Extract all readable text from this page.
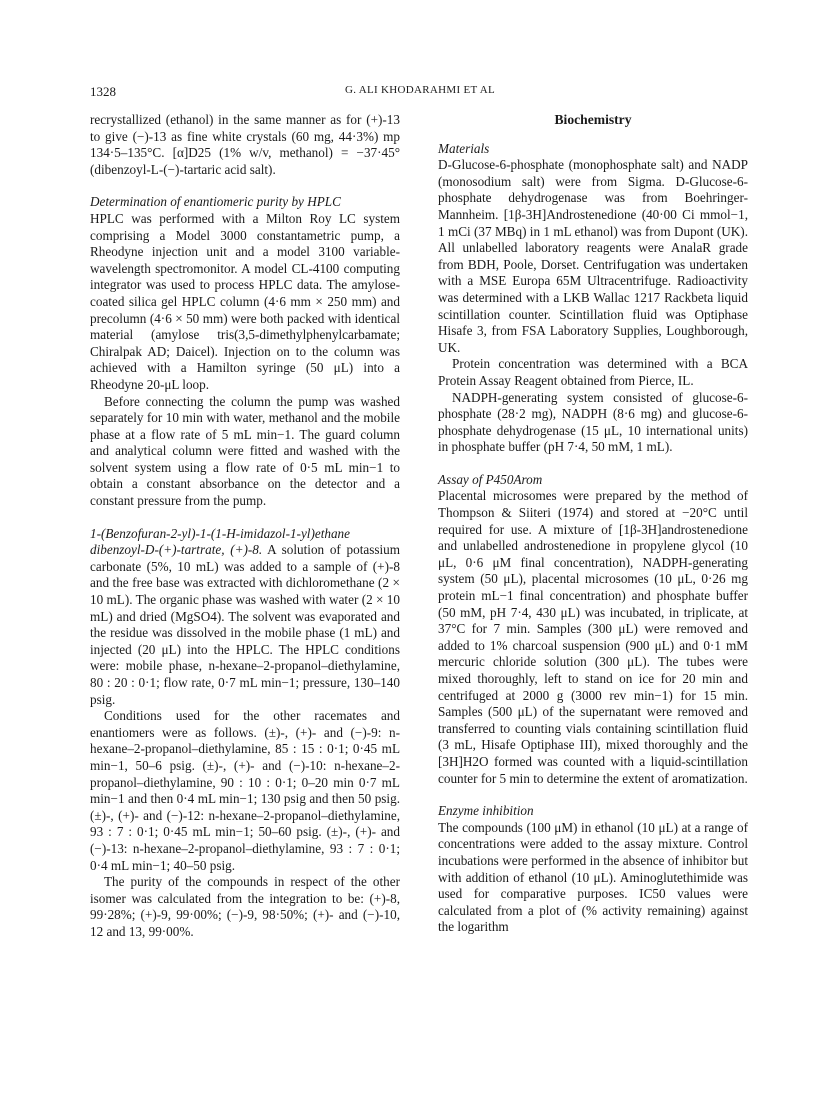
1328	G. ALI KHODARAHMI ET AL

recrystallized (ethanol) in the same manner as for (+)-13 to give (−)-13 as fine white crystals (60 mg, 44·3%) mp 134·5–135°C. [α]D25 (1% w/v, methanol) = −37·45° (dibenzoyl-L-(−)-tartaric acid salt).

Determination of enantiomeric purity by HPLC

HPLC was performed with a Milton Roy LC system comprising a Model 3000 constantametric pump, a Rheodyne injection unit and a model 3100 variable-wavelength spectromonitor. A model CL-4100 computing integrator was used to process HPLC data. The amylose-coated silica gel HPLC column (4·6 mm × 250 mm) and precolumn (4·6 × 50 mm) were both packed with identical material (amylose tris(3,5-dimethylphenylcarbamate; Chiralpak AD; Daicel). Injection on to the column was achieved with a Hamilton syringe (50 μL) into a Rheodyne 20-μL loop.

Before connecting the column the pump was washed separately for 10 min with water, methanol and the mobile phase at a flow rate of 5 mL min−1. The guard column and analytical column were fitted and washed with the solvent system using a flow rate of 0·5 mL min−1 to obtain a constant absorbance on the detector and a constant pressure from the pump.

1-(Benzofuran-2-yl)-1-(1-H-imidazol-1-yl)ethane dibenzoyl-D-(+)-tartrate, (+)-8. A solution of potassium carbonate (5%, 10 mL) was added to a sample of (+)-8 and the free base was extracted with dichloromethane (2 × 10 mL). The organic phase was washed with water (2 × 10 mL) and dried (MgSO4). The solvent was evaporated and the residue was dissolved in the mobile phase (1 mL) and injected (20 μL) into the HPLC. The HPLC conditions were: mobile phase, n-hexane–2-propanol–diethylamine, 80 : 20 : 0·1; flow rate, 0·7 mL min−1; pressure, 130–140 psig.

Conditions used for the other racemates and enantiomers were as follows. (±)-, (+)- and (−)-9: n-hexane–2-propanol–diethylamine, 85 : 15 : 0·1; 0·45 mL min−1, 50–6 psig. (±)-, (+)- and (−)-10: n-hexane–2-propanol–diethylamine, 90 : 10 : 0·1; 0–20 min 0·7 mL min−1 and then 0·4 mL min−1; 130 psig and then 50 psig. (±)-, (+)- and (−)-12: n-hexane–2-propanol–diethylamine, 93 : 7 : 0·1; 0·45 mL min−1; 50–60 psig. (±)-, (+)- and (−)-13: n-hexane–2-propanol–diethylamine, 93 : 7 : 0·1; 0·4 mL min−1; 40–50 psig.

The purity of the compounds in respect of the other isomer was calculated from the integration to be: (+)-8, 99·28%; (+)-9, 99·00%; (−)-9, 98·50%; (+)- and (−)-10, 12 and 13, 99·00%.

Biochemistry

Materials

D-Glucose-6-phosphate (monophosphate salt) and NADP (monosodium salt) were from Sigma. D-Glucose-6-phosphate dehydrogenase was from Boehringer-Mannheim. [1β-3H]Androstenedione (40·00 Ci mmol−1, 1 mCi (37 MBq) in 1 mL ethanol) was from Dupont (UK). All unlabelled laboratory reagents were AnalaR grade from BDH, Poole, Dorset. Centrifugation was undertaken with a MSE Europa 65M Ultracentrifuge. Radioactivity was determined with a LKB Wallac 1217 Rackbeta liquid scintillation counter. Scintillation fluid was Optiphase Hisafe 3, from FSA Laboratory Supplies, Loughborough, UK.

Protein concentration was determined with a BCA Protein Assay Reagent obtained from Pierce, IL.

NADPH-generating system consisted of glucose-6-phosphate (28·2 mg), NADPH (8·6 mg) and glucose-6-phosphate dehydrogenase (15 μL, 10 international units) in phosphate buffer (pH 7·4, 50 mM, 1 mL).

Assay of P450Arom

Placental microsomes were prepared by the method of Thompson & Siiteri (1974) and stored at −20°C until required for use. A mixture of [1β-3H]androstenedione and unlabelled androstenedione in propylene glycol (10 μL, 0·6 μM final concentration), NADPH-generating system (50 μL), placental microsomes (10 μL, 0·26 mg protein mL−1 final concentration) and phosphate buffer (50 mM, pH 7·4, 430 μL) was incubated, in triplicate, at 37°C for 7 min. Samples (300 μL) were removed and added to 1% charcoal suspension (900 μL) and 0·1 mM mercuric chloride solution (300 μL). The tubes were mixed thoroughly, left to stand on ice for 20 min and centrifuged at 2000 g (3000 rev min−1) for 15 min. Samples (500 μL) of the supernatant were removed and transferred to counting vials containing scintillation fluid (3 mL, Hisafe Optiphase III), mixed thoroughly and the [3H]H2O formed was counted with a liquid-scintillation counter for 5 min to determine the extent of aromatization.

Enzyme inhibition

The compounds (100 μM) in ethanol (10 μL) at a range of concentrations were added to the assay mixture. Control incubations were performed in the absence of inhibitor but with addition of ethanol (10 μL). Aminoglutethimide was used for comparative purposes. IC50 values were calculated from a plot of (% activity remaining) against the logarithm
